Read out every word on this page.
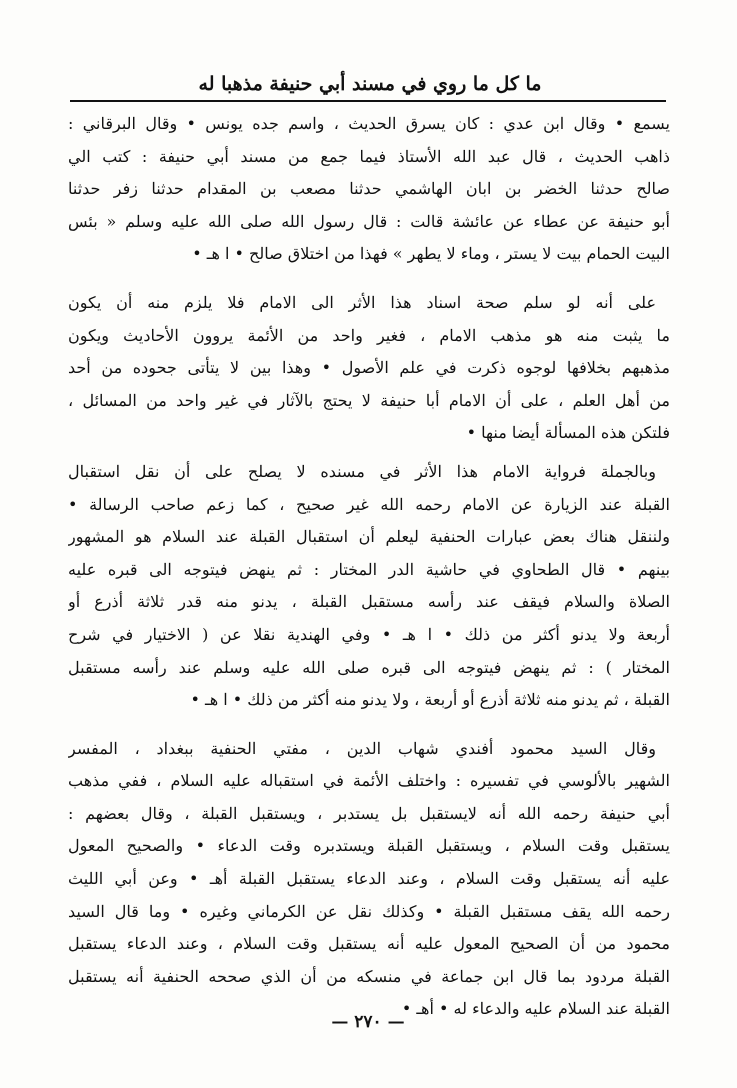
ما كل ما روي في مسند أبي حنيفة مذهبا له
يسمع • وقال ابن عدي : كان يسرق الحديث ، واسم جده يونس • وقال البرقاني :
ذاهب الحديث ، قال عبد الله الأستاذ فيما جمع من مسند أبي حنيفة : كتب الي
صالح حدثنا الخضر بن ابان الهاشمي حدثنا مصعب بن المقدام حدثنا زفر حدثنا
أبو حنيفة عن عطاء عن عائشة قالت : قال رسول الله صلى الله عليه وسلم « بئس
البيت الحمام بيت لا يستر ، وماء لا يطهر » فهذا من اختلاق صالح • ا هـ •
على أنه لو سلم صحة اسناد هذا الأثر الى الامام فلا يلزم منه أن يكون
ما يثبت منه هو مذهب الامام ، فغير واحد من الأئمة يروون الأحاديث ويكون
مذهبهم بخلافها لوجوه ذكرت في علم الأصول • وهذا بين لا يتأتى جحوده من أحد
من أهل العلم ، على أن الامام أبا حنيفة لا يحتج بالآثار في غير واحد من المسائل ،
فلتكن هذه المسألة أيضا منها •
وبالجملة فرواية الامام هذا الأثر في مسنده لا يصلح على أن نقل استقبال
القبلة عند الزيارة عن الامام رحمه الله غير صحيح ، كما زعم صاحب الرسالة •
ولننقل هناك بعض عبارات الحنفية ليعلم أن استقبال القبلة عند السلام هو المشهور
بينهم • قال الطحاوي في حاشية الدر المختار : ثم ينهض فيتوجه الى قبره عليه
الصلاة والسلام فيقف عند رأسه مستقبل القبلة ، يدنو منه قدر ثلاثة أذرع أو
أربعة ولا يدنو أكثر من ذلك • ا هـ • وفي الهندية نقلا عن ( الاختيار في شرح
المختار ) : ثم ينهض فيتوجه الى قبره صلى الله عليه وسلم عند رأسه مستقبل
القبلة ، ثم يدنو منه ثلاثة أذرع أو أربعة ، ولا يدنو منه أكثر من ذلك • ا هـ •
وقال السيد محمود أفندي شهاب الدين ، مفتي الحنفية ببغداد ، المفسر
الشهير بالألوسي في تفسيره : واختلف الأئمة في استقباله عليه السلام ، ففي مذهب
أبي حنيفة رحمه الله أنه لايستقبل بل يستدبر ، ويستقبل القبلة ، وقال بعضهم :
يستقبل وقت السلام ، ويستقبل القبلة ويستدبره وقت الدعاء • والصحيح المعول
عليه أنه يستقبل وقت السلام ، وعند الدعاء يستقبل القبلة أهـ • وعن أبي الليث
رحمه الله يقف مستقبل القبلة • وكذلك نقل عن الكرماني وغيره • وما قال السيد
محمود من أن الصحيح المعول عليه أنه يستقبل وقت السلام ، وعند الدعاء يستقبل
القبلة مردود بما قال ابن جماعة في منسكه من أن الذي صححه الحنفية أنه يستقبل
القبلة عند السلام عليه والدعاء له • أهـ •
— ٢٧٠ —
